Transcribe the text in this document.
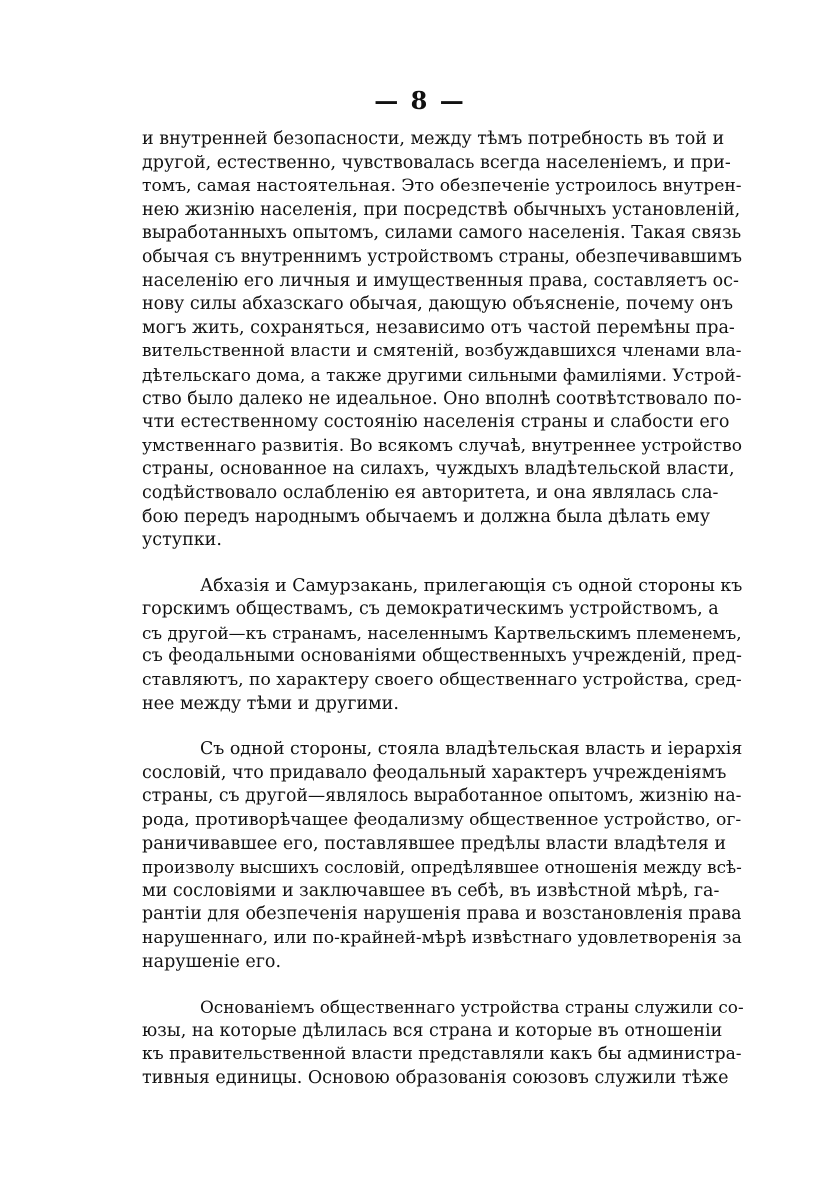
— 8 —
и внутренней безопасности, между тѣмъ потребность въ той и
другой, естественно, чувствовалась всегда населеніемъ, и при-
томъ, самая настоятельная. Это обезпеченіе устроилось внутрен-
нею жизнію населенія, при посредствѣ обычныхъ установленій,
выработанныхъ опытомъ, силами самого населенія. Такая связь
обычая съ внутреннимъ устройствомъ страны, обезпечивавшимъ
населенію его личныя и имущественныя права, составляетъ ос-
нову силы абхазскаго обычая, дающую объясненіе, почему онъ
могъ жить, сохраняться, независимо отъ частой перемѣны пра-
вительственной власти и смятеній, возбуждавшихся членами вла-
дѣтельскаго дома, а также другими сильными фамиліями. Устрой-
ство было далеко не идеальное. Оно вполнѣ соотвѣтствовало по-
чти естественному состоянію населенія страны и слабости его
умственнаго развитія. Во всякомъ случаѣ, внутреннее устройство
страны, основанное на силахъ, чуждыхъ владѣтельской власти,
содѣйствовало ослабленію ея авторитета, и она являлась сла-
бою передъ народнымъ обычаемъ и должна была дѣлать ему
уступки.
Абхазія и Самурзакань, прилегающія съ одной стороны къ
горскимъ обществамъ, съ демократическимъ устройствомъ, а
съ другой—къ странамъ, населеннымъ Картвельскимъ племенемъ,
съ феодальными основаніями общественныхъ учрежденій, пред-
ставляютъ, по характеру своего общественнаго устройства, сред-
нее между тѣми и другими.
Съ одной стороны, стояла владѣтельская власть и іерархія
сословій, что придавало феодальный характеръ учрежденіямъ
страны, съ другой—являлось выработанное опытомъ, жизнію на-
рода, противорѣчащее феодализму общественное устройство, ог-
раничивавшее его, поставлявшее предѣлы власти владѣтеля и
произволу высшихъ сословій, опредѣлявшее отношенія между всѣ-
ми сословіями и заключавшее въ себѣ, въ извѣстной мѣрѣ, га-
рантіи для обезпеченія нарушенія права и возстановленія права
нарушеннаго, или по-крайней-мѣрѣ извѣстнаго удовлетворенія за
нарушеніе его.
Основаніемъ общественнаго устройства страны служили со-
юзы, на которые дѣлилась вся страна и которые въ отношеніи
къ правительственной власти представляли какъ бы администра-
тивныя единицы. Основою образованія союзовъ служили тѣже
